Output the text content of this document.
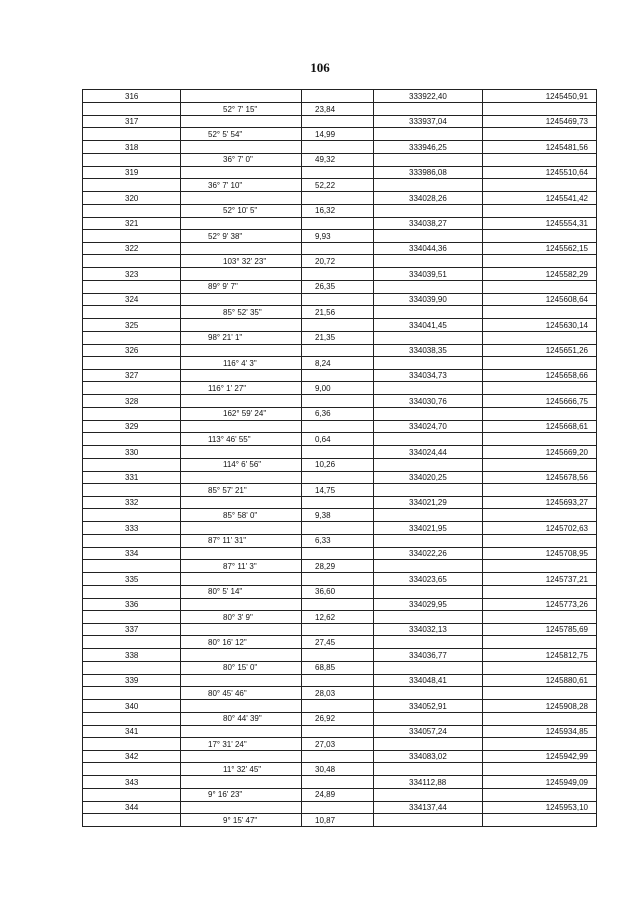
106
316	333922,40	1245450,91
52° 7' 15"	23,84
317	333937,04	1245469,73
52° 5' 54"	14,99
318	333946,25	1245481,56
36° 7' 0"	49,32
319	333986,08	1245510,64
36° 7' 10"	52,22
320	334028,26	1245541,42
52° 10' 5"	16,32
321	334038,27	1245554,31
52° 9' 38"	9,93
322	334044,36	1245562,15
103° 32' 23"	20,72
323	334039,51	1245582,29
89° 9' 7"	26,35
324	334039,90	1245608,64
85° 52' 35"	21,56
325	334041,45	1245630,14
98° 21' 1"	21,35
326	334038,35	1245651,26
116° 4' 3"	8,24
327	334034,73	1245658,66
116° 1' 27"	9,00
328	334030,76	1245666,75
162° 59' 24"	6,36
329	334024,70	1245668,61
113° 46' 55"	0,64
330	334024,44	1245669,20
114° 6' 56"	10,26
331	334020,25	1245678,56
85° 57' 21"	14,75
332	334021,29	1245693,27
85° 58' 0"	9,38
333	334021,95	1245702,63
87° 11' 31"	6,33
334	334022,26	1245708,95
87° 11' 3"	28,29
335	334023,65	1245737,21
80° 5' 14"	36,60
336	334029,95	1245773,26
80° 3' 9"	12,62
337	334032,13	1245785,69
80° 16' 12"	27,45
338	334036,77	1245812,75
80° 15' 0"	68,85
339	334048,41	1245880,61
80° 45' 46"	28,03
340	334052,91	1245908,28
80° 44' 39"	26,92
341	334057,24	1245934,85
17° 31' 24"	27,03
342	334083,02	1245942,99
11° 32' 45"	30,48
343	334112,88	1245949,09
9° 16' 23"	24,89
344	334137,44	1245953,10
9° 15' 47"	10,87
